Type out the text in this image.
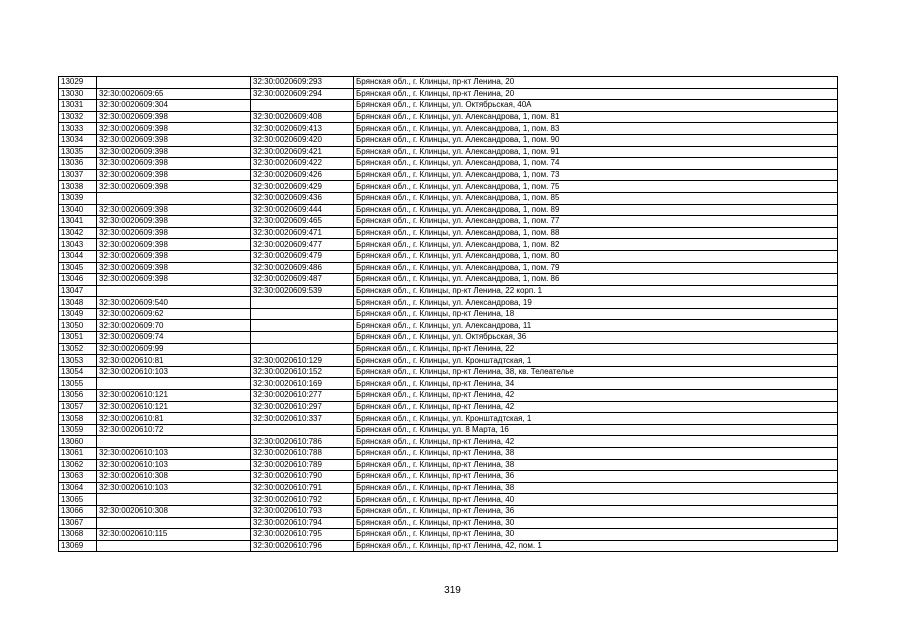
13029		32:30:0020609:293	Брянская обл., г. Клинцы, пр-кт Ленина, 20
13030	32:30:0020609:65	32:30:0020609:294	Брянская обл., г. Клинцы, пр-кт Ленина, 20
13031	32:30:0020609:304		Брянская обл., г. Клинцы, ул. Октябрьская, 40А
13032	32:30:0020609:398	32:30:0020609:408	Брянская обл., г. Клинцы, ул. Александрова, 1, пом. 81
13033	32:30:0020609:398	32:30:0020609:413	Брянская обл., г. Клинцы, ул. Александрова, 1, пом. 83
13034	32:30:0020609:398	32:30:0020609:420	Брянская обл., г. Клинцы, ул. Александрова, 1, пом. 90
13035	32:30:0020609:398	32:30:0020609:421	Брянская обл., г. Клинцы, ул. Александрова, 1, пом. 91
13036	32:30:0020609:398	32:30:0020609:422	Брянская обл., г. Клинцы, ул. Александрова, 1, пом. 74
13037	32:30:0020609:398	32:30:0020609:426	Брянская обл., г. Клинцы, ул. Александрова, 1, пом. 73
13038	32:30:0020609:398	32:30:0020609:429	Брянская обл., г. Клинцы, ул. Александрова, 1, пом. 75
13039		32:30:0020609:436	Брянская обл., г. Клинцы, ул. Александрова, 1, пом. 85
13040	32:30:0020609:398	32:30:0020609:444	Брянская обл., г. Клинцы, ул. Александрова, 1, пом. 89
13041	32:30:0020609:398	32:30:0020609:465	Брянская обл., г. Клинцы, ул. Александрова, 1, пом. 77
13042	32:30:0020609:398	32:30:0020609:471	Брянская обл., г. Клинцы, ул. Александрова, 1, пом. 88
13043	32:30:0020609:398	32:30:0020609:477	Брянская обл., г. Клинцы, ул. Александрова, 1, пом. 82
13044	32:30:0020609:398	32:30:0020609:479	Брянская обл., г. Клинцы, ул. Александрова, 1, пом. 80
13045	32:30:0020609:398	32:30:0020609:486	Брянская обл., г. Клинцы, ул. Александрова, 1, пом. 79
13046	32:30:0020609:398	32:30:0020609:487	Брянская обл., г. Клинцы, ул. Александрова, 1, пом. 86
13047		32:30:0020609:539	Брянская обл., г. Клинцы, пр-кт Ленина, 22 корп. 1
13048	32:30:0020609:540		Брянская обл., г. Клинцы, ул. Александрова, 19
13049	32:30:0020609:62		Брянская обл., г. Клинцы, пр-кт Ленина, 18
13050	32:30:0020609:70		Брянская обл., г. Клинцы, ул. Александрова, 11
13051	32:30:0020609:74		Брянская обл., г. Клинцы, ул. Октябрьская, 36
13052	32:30:0020609:99		Брянская обл., г. Клинцы, пр-кт Ленина, 22
13053	32:30:0020610:81	32:30:0020610:129	Брянская обл., г. Клинцы, ул. Кронштадтская, 1
13054	32:30:0020610:103	32:30:0020610:152	Брянская обл., г. Клинцы, пр-кт Ленина, 38, кв. Телеателье
13055		32:30:0020610:169	Брянская обл., г. Клинцы, пр-кт Ленина, 34
13056	32:30:0020610:121	32:30:0020610:277	Брянская обл., г. Клинцы, пр-кт Ленина, 42
13057	32:30:0020610:121	32:30:0020610:297	Брянская обл., г. Клинцы, пр-кт Ленина, 42
13058	32:30:0020610:81	32:30:0020610:337	Брянская обл., г. Клинцы, ул. Кронштадтская, 1
13059	32:30:0020610:72		Брянская обл., г. Клинцы, ул. 8 Марта, 16
13060		32:30:0020610:786	Брянская обл., г. Клинцы, пр-кт Ленина, 42
13061	32:30:0020610:103	32:30:0020610:788	Брянская обл., г. Клинцы, пр-кт Ленина, 38
13062	32:30:0020610:103	32:30:0020610:789	Брянская обл., г. Клинцы, пр-кт Ленина, 38
13063	32:30:0020610:308	32:30:0020610:790	Брянская обл., г. Клинцы, пр-кт Ленина, 36
13064	32:30:0020610:103	32:30:0020610:791	Брянская обл., г. Клинцы, пр-кт Ленина, 38
13065		32:30:0020610:792	Брянская обл., г. Клинцы, пр-кт Ленина, 40
13066	32:30:0020610:308	32:30:0020610:793	Брянская обл., г. Клинцы, пр-кт Ленина, 36
13067		32:30:0020610:794	Брянская обл., г. Клинцы, пр-кт Ленина, 30
13068	32:30:0020610:115	32:30:0020610:795	Брянская обл., г. Клинцы, пр-кт Ленина, 30
13069		32:30:0020610:796	Брянская обл., г. Клинцы, пр-кт Ленина, 42, пом. 1
319
